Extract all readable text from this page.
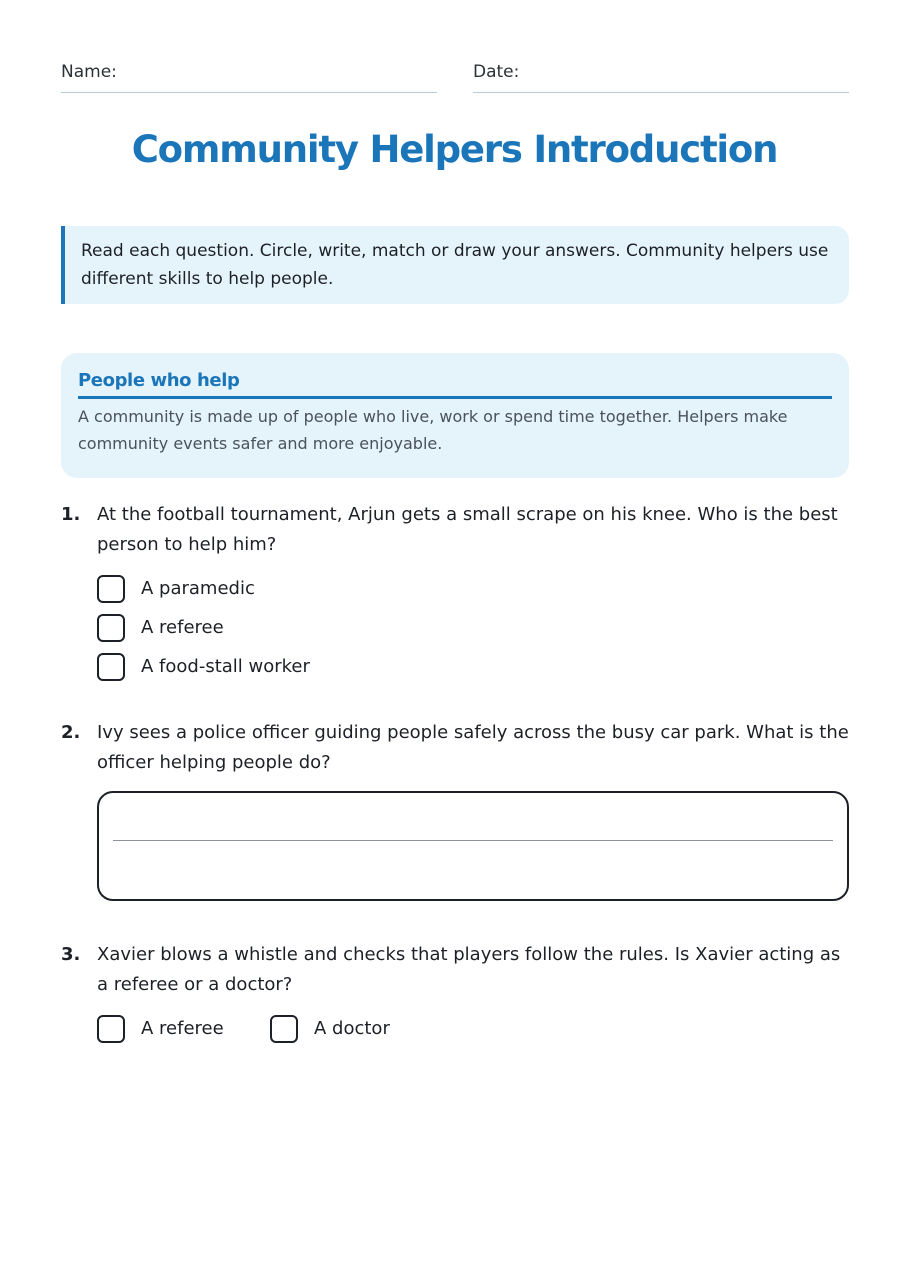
Name:	Date:
Community Helpers Introduction
Read each question. Circle, write, match or draw your answers. Community helpers use different skills to help people.
People who help
A community is made up of people who live, work or spend time together. Helpers make community events safer and more enjoyable.
1. At the football tournament, Arjun gets a small scrape on his knee. Who is the best person to help him?
A paramedic
A referee
A food-stall worker
2. Ivy sees a police officer guiding people safely across the busy car park. What is the officer helping people do?
3. Xavier blows a whistle and checks that players follow the rules. Is Xavier acting as a referee or a doctor?
A referee	A doctor
